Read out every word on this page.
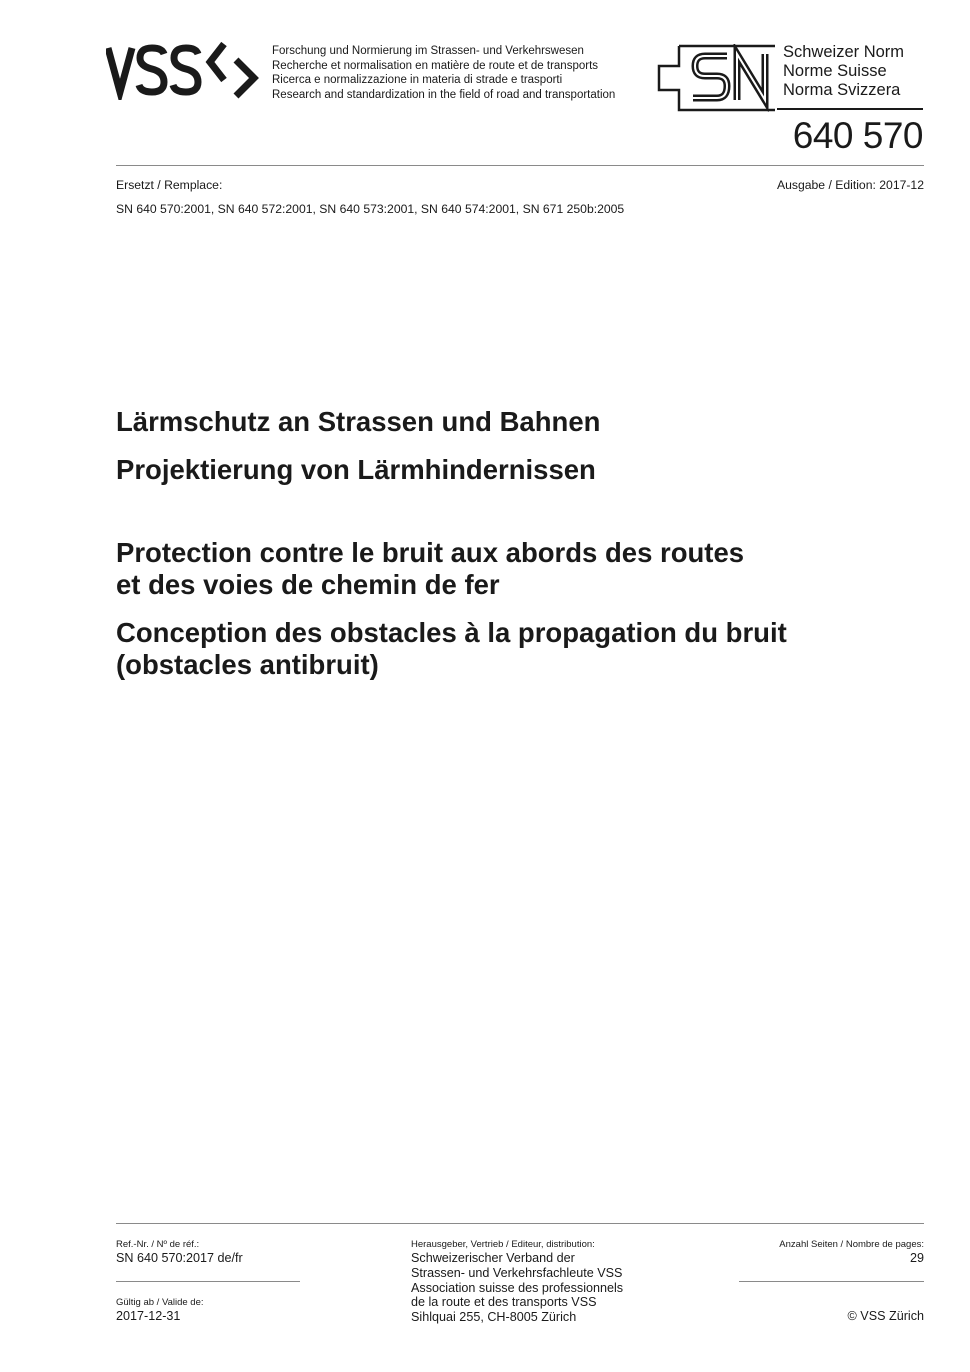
Forschung und Normierung im Strassen- und Verkehrswesen
Recherche et normalisation en matière de route et de transports
Ricerca e normalizzazione in materia di strade e trasporti
Research and standardization in the field of road and transportation
Schweizer Norm
Norme Suisse
Norma Svizzera
640 570
Ersetzt / Remplace:	Ausgabe / Edition: 2017-12
SN 640 570:2001, SN 640 572:2001, SN 640 573:2001, SN 640 574:2001, SN 671 250b:2005
Lärmschutz an Strassen und Bahnen
Projektierung von Lärmhindernissen
Protection contre le bruit aux abords des routes
et des voies de chemin de fer
Conception des obstacles à la propagation du bruit
(obstacles antibruit)
Ref.-Nr. / Nº de réf.:
SN 640 570:2017 de/fr
Gültig ab / Valide de:
2017-12-31
Herausgeber, Vertrieb / Editeur, distribution:
Schweizerischer Verband der
Strassen- und Verkehrsfachleute VSS
Association suisse des professionnels
de la route et des transports VSS
Sihlquai 255, CH-8005 Zürich
Anzahl Seiten / Nombre de pages:
29
© VSS Zürich
